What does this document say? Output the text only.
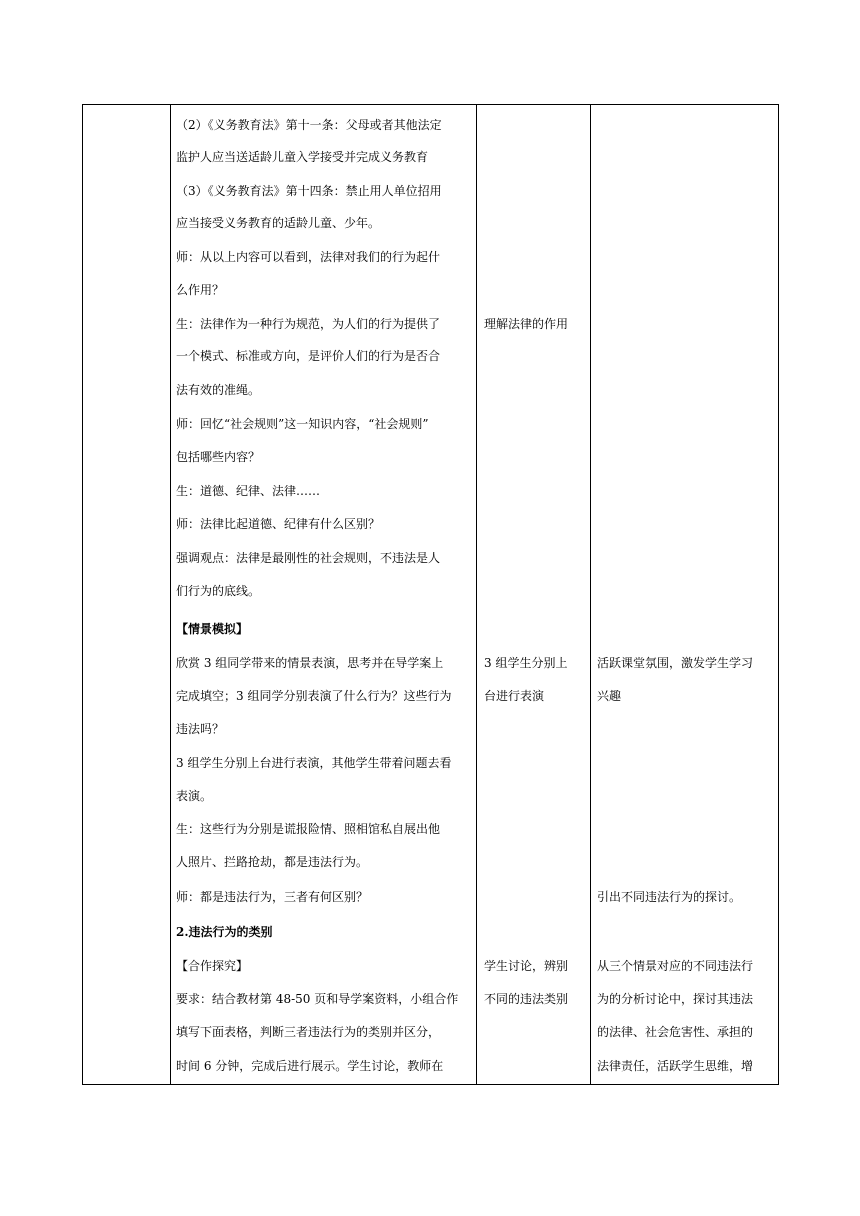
（2）《义务教育法》第十一条：父母或者其他法定
监护人应当送适龄儿童入学接受并完成义务教育
（3）《义务教育法》第十四条：禁止用人单位招用
应当接受义务教育的适龄儿童、少年。
师：从以上内容可以看到，法律对我们的行为起什
么作用？
生：法律作为一种行为规范，为人们的行为提供了
一个模式、标准或方向，是评价人们的行为是否合
法有效的准绳。
师：回忆“社会规则”这一知识内容，“社会规则”
包括哪些内容？
生：道德、纪律、法律……
师：法律比起道德、纪律有什么区别？
强调观点：法律是最刚性的社会规则，不违法是人
们行为的底线。
【情景模拟】
欣赏 3 组同学带来的情景表演，思考并在导学案上
完成填空；3 组同学分别表演了什么行为？这些行为
违法吗？
3 组学生分别上台进行表演，其他学生带着问题去看
表演。
生：这些行为分别是谎报险情、照相馆私自展出他
人照片、拦路抢劫，都是违法行为。
师：都是违法行为，三者有何区别？
2.违法行为的类别
【合作探究】
要求：结合教材第 48-50 页和导学案资料，小组合作
填写下面表格，判断三者违法行为的类别并区分，
时间 6 分钟，完成后进行展示。学生讨论，教师在
理解法律的作用
3 组学生分别上
台进行表演
学生讨论，辨别
不同的违法类别
活跃课堂氛围，激发学生学习
兴趣
引出不同违法行为的探讨。
从三个情景对应的不同违法行
为的分析讨论中，探讨其违法
的法律、社会危害性、承担的
法律责任，活跃学生思维，增
